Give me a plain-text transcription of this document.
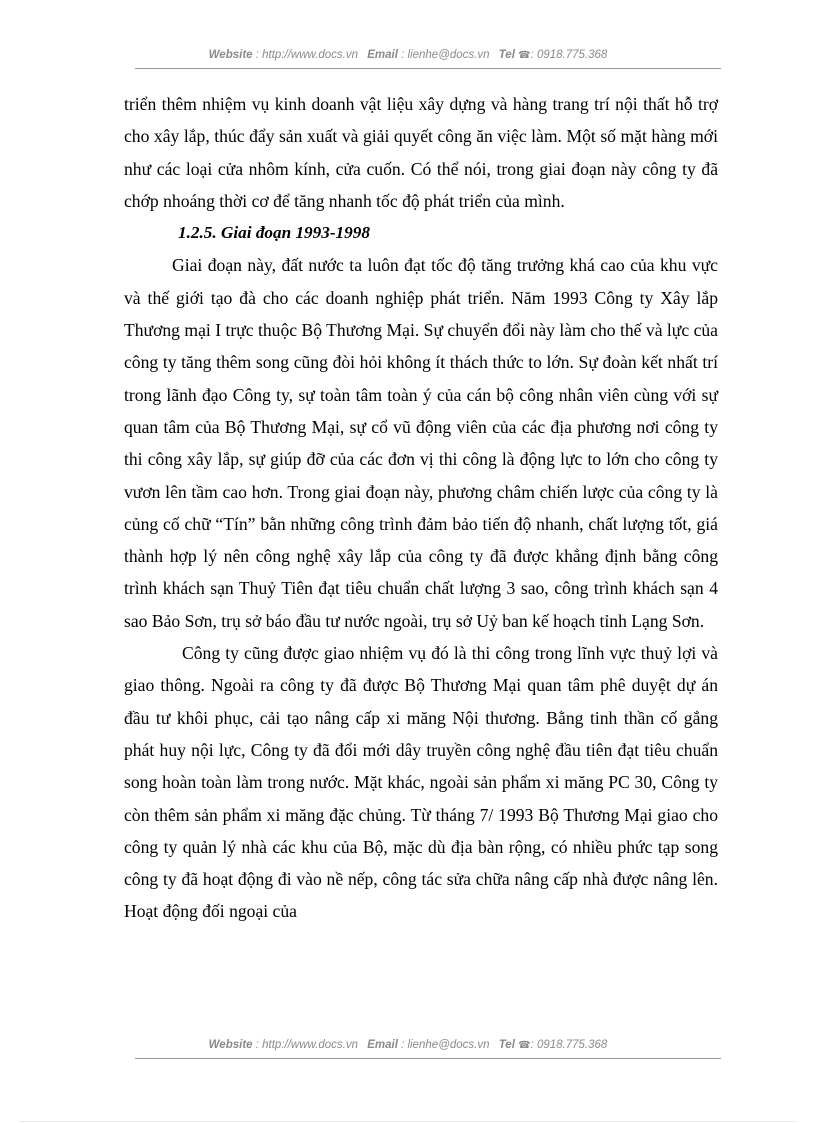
Website : http://www.docs.vn Email : lienhe@docs.vn Tel ☎: 0918.775.368

triển thêm nhiệm vụ kinh doanh vật liệu xây dựng và hàng trang trí nội thất hỗ trợ cho xây lắp, thúc đẩy sản xuất và giải quyết công ăn việc làm. Một số mặt hàng mới như các loại cửa nhôm kính, cửa cuốn. Có thể nói, trong giai đoạn này công ty đã chớp nhoáng thời cơ để tăng nhanh tốc độ phát triển của mình.

1.2.5. Giai đoạn 1993-1998

Giai đoạn này, đất nước ta luôn đạt tốc độ tăng trưởng khá cao của khu vực và thế giới tạo đà cho các doanh nghiệp phát triển. Năm 1993 Công ty Xây lắp Thương mại I trực thuộc Bộ Thương Mại. Sự chuyển đổi này làm cho thế và lực của công ty tăng thêm song cũng đòi hỏi không ít thách thức to lớn. Sự đoàn kết nhất trí trong lãnh đạo Công ty, sự toàn tâm toàn ý của cán bộ công nhân viên cùng với sự quan tâm của Bộ Thương Mại, sự cổ vũ động viên của các địa phương nơi công ty thi công xây lắp, sự giúp đỡ của các đơn vị thi công là động lực to lớn cho công ty vươn lên tầm cao hơn. Trong giai đoạn này, phương châm chiến lược của công ty là củng cố chữ “Tín” bằn những công trình đảm bảo tiến độ nhanh, chất lượng tốt, giá thành hợp lý nên công nghệ xây lắp của công ty đã được khẳng định bằng công trình khách sạn Thuỷ Tiên đạt tiêu chuẩn chất lượng 3 sao, công trình khách sạn 4 sao Bảo Sơn, trụ sở báo đầu tư nước ngoài, trụ sở Uỷ ban kế hoạch tỉnh Lạng Sơn.

Công ty cũng được giao nhiệm vụ đó là thi công trong lĩnh vực thuỷ lợi và giao thông. Ngoài ra công ty đã được Bộ Thương Mại quan tâm phê duyệt dự án đầu tư khôi phục, cải tạo nâng cấp xi măng Nội thương. Bằng tinh thần cố gắng phát huy nội lực, Công ty đã đổi mới dây truyền công nghệ đầu tiên đạt tiêu chuẩn song hoàn toàn làm trong nước. Mặt khác, ngoài sản phẩm xi măng PC 30, Công ty còn thêm sản phẩm xi măng đặc chủng. Từ tháng 7/ 1993 Bộ Thương Mại giao cho công ty quản lý nhà các khu của Bộ, mặc dù địa bàn rộng, có nhiều phức tạp song công ty đã hoạt động đi vào nề nếp, công tác sửa chữa nâng cấp nhà được nâng lên. Hoạt động đối ngoại của

Website : http://www.docs.vn Email : lienhe@docs.vn Tel ☎: 0918.775.368
